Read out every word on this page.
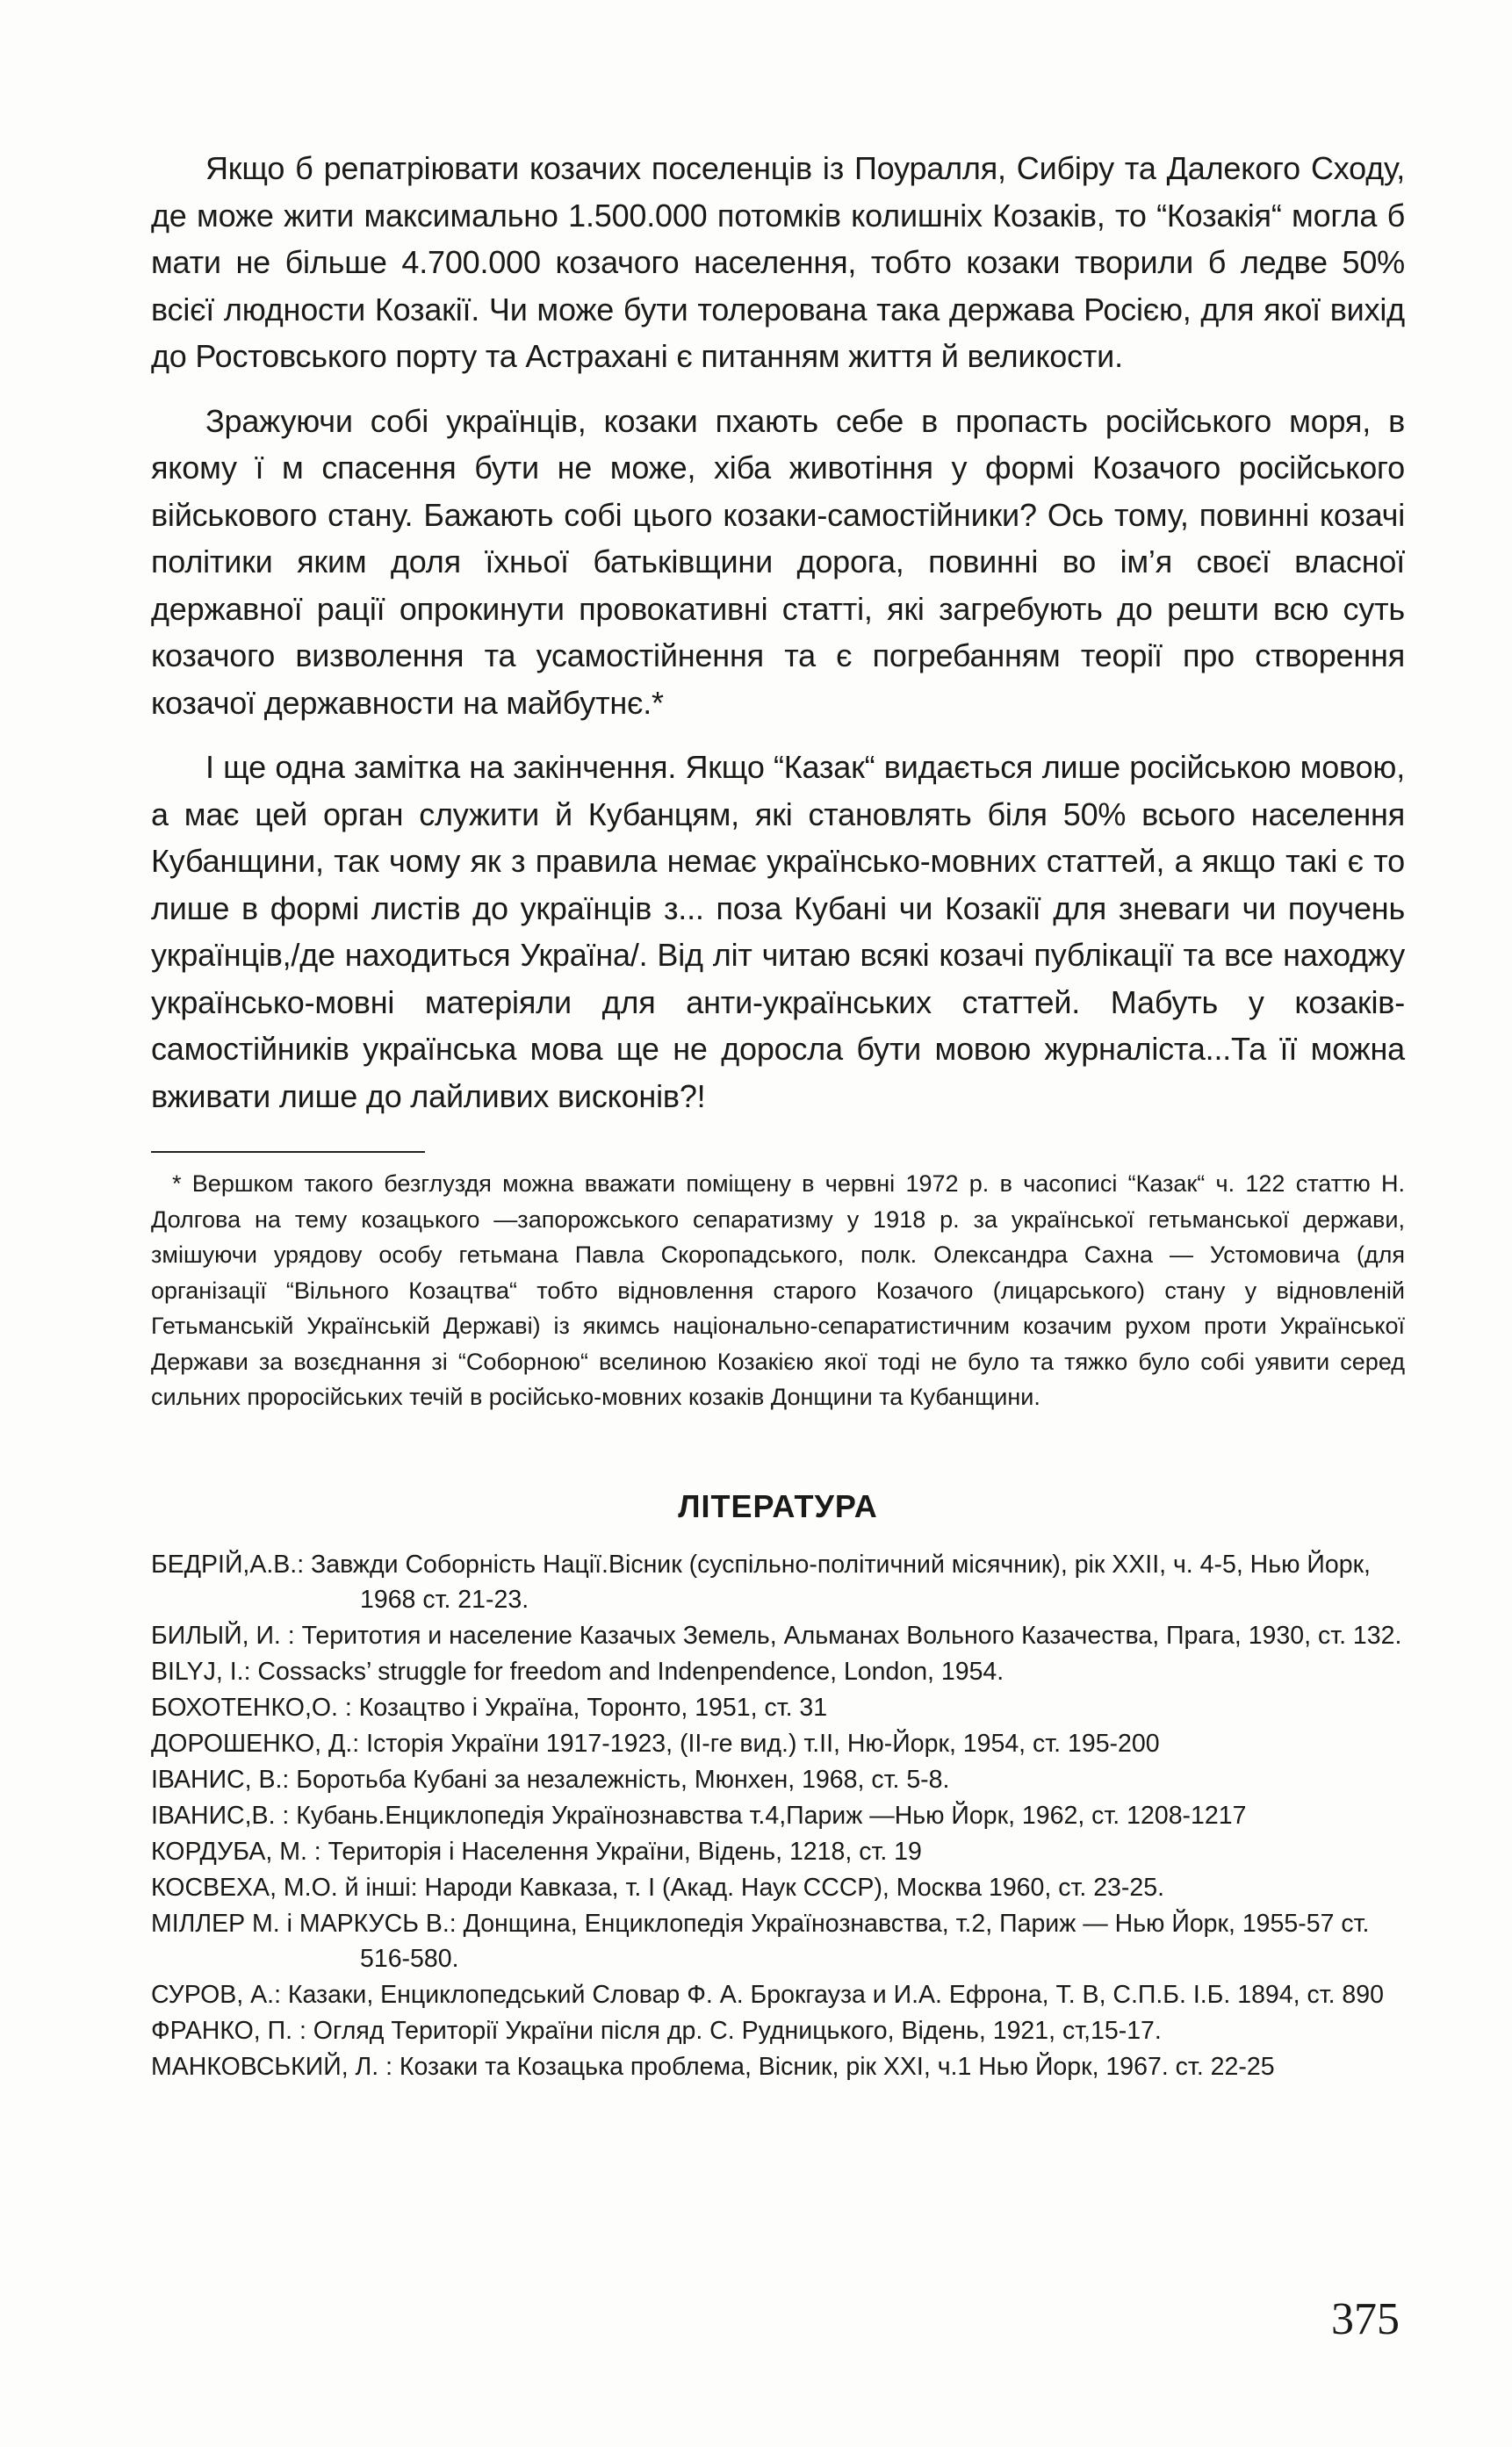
Якщо б репатріювати козачих поселенців із Поуралля, Сибіру та Далекого Сходу, де може жити максимально 1.500.000 потомків колишніх Козаків, то “Козакія“ могла б мати не більше 4.700.000 козачого населення, тобто козаки творили б ледве 50% всієї людности Козакії. Чи може бути толерована така держава Росією, для якої вихід до Ростовського порту та Астрахані є питанням життя й великости.

Зражуючи собі українців, козаки пхають себе в пропасть російського моря, в якому ї м спасення бути не може, хіба животіння у формі Козачого російського військового стану. Бажають собі цього козаки-самостійники? Ось тому, повинні козачі політики яким доля їхньої батьківщини дорога, повинні во ім’я своєї власної державної рації опрокинути провокативні статті, які загребують до решти всю суть козачого визволення та усамостійнення та є погребанням теорії про створення козачої державности на майбутнє.*

І ще одна замітка на закінчення. Якщо “Казак“ видається лише російською мовою, а має цей орган служити й Кубанцям, які становлять біля 50% всього населення Кубанщини, так чому як з правила немає українсько-мовних статтей, а якщо такі є то лише в формі листів до українців з... поза Кубані чи Козакії для зневаги чи поучень українців,/де находиться Україна/. Від літ читаю всякі козачі публікації та все находжу українсько-мовні матеріяли для анти-українських статтей. Мабуть у козаків-самостійників українська мова ще не доросла бути мовою журналіста...Та її можна вживати лише до лайливих висконів?!

* Вершком такого безглуздя можна вважати поміщену в червні 1972 р. в часописі “Казак“ ч. 122 статтю Н. Долгова на тему козацького —запорожського сепаратизму у 1918 р. за української гетьманської держави, змішуючи урядову особу гетьмана Павла Скоропадського, полк. Олександра Сахна — Устомовича (для організації “Вільного Козацтва“ тобто відновлення старого Козачого (лицарського) стану у відновленій Гетьманській Українській Державі) із якимсь національно-сепаратистичним козачим рухом проти Української Держави за возєднання зі “Соборною“ вселиною Козакією якої тоді не було та тяжко було собі уявити серед сильних проросійських течій в російсько-мовних козаків Донщини та Кубанщини.

ЛІТЕРАТУРА
БЕДРІЙ,А.В.: Завжди Соборність Нації.Вісник (суспільно-політичний місячник), рік XXII, ч. 4-5, Нью Йорк, 1968 ст. 21-23.
БИЛЫЙ, И. : Теритотия и население Казачых Земель, Альманах Вольного Казачества, Прага, 1930, ст. 132.
BILYJ, I.: Cossacks’ struggle for freedom and Indenpendence, London, 1954.
БОХОТЕНКО,О. : Козацтво і Україна, Торонто, 1951, ст. 31
ДОРОШЕНКО, Д.: Історія України 1917-1923, (ІІ-ге вид.) т.ІІ, Ню-Йорк, 1954, ст. 195-200
ІВАНИС, В.: Боротьба Кубані за незалежність, Мюнхен, 1968, ст. 5-8.
ІВАНИС,В. : Кубань.Енциклопедія Українознавства т.4,Париж —Нью Йорк, 1962, ст. 1208-1217
КОРДУБА, М. : Територія і Населення України, Відень, 1218, ст. 19
КОСВЕХА, М.О. й інші: Народи Кавказа, т. І (Акад. Наук СССР), Москва 1960, ст. 23-25.
МІЛЛЕР М. і МАРКУСЬ В.: Донщина, Енциклопедія Українознавства, т.2, Париж — Нью Йорк, 1955-57 ст. 516-580.
СУРОВ, А.: Казаки, Енциклопедський Словар Ф. А. Брокгауза и И.А. Ефрона, Т. В, С.П.Б. І.Б. 1894, ст. 890
ФРАНКО, П. : Огляд Території України після др. С. Рудницького, Відень, 1921, ст,15-17.
МАНКОВСЬКИЙ, Л. : Козаки та Козацька проблема, Вісник, рік XXI, ч.1 Нью Йорк, 1967. ст. 22-25

375
